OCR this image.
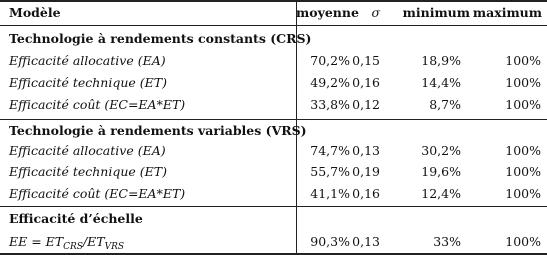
Modèle	moyenne	σ	minimum maximum
Technologie à rendements constants (CRS)
Efficacité allocative (EA)	70,2% 0,15	18,9%	100%
Efficacité technique (ET)	49,2% 0,16	14,4%	100%
Efficacité coût (EC=EA*ET)	33,8% 0,12	8,7%	100%
Technologie à rendements variables (VRS)
Efficacité allocative (EA)	74,7% 0,13	30,2%	100%
Efficacité technique (ET)	55,7% 0,19	19,6%	100%
Efficacité coût (EC=EA*ET)	41,1% 0,16	12,4%	100%
Efficacité d’échelle
EE = $ET_{CRS}/ET_{VRS}$	90,3% 0,13	33%	100%
